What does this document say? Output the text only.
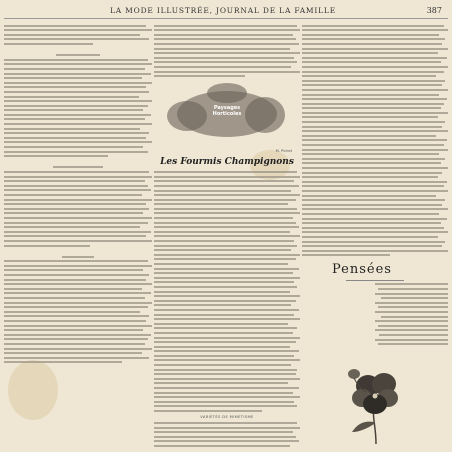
LA MODE ILLUSTRÉE, JOURNAL DE LA FAMILLE	387
Paysages Horticoles
M. Pichet
Les Fourmis Champignons
VARIÉTÉS DE MIMETISME
Pensées
